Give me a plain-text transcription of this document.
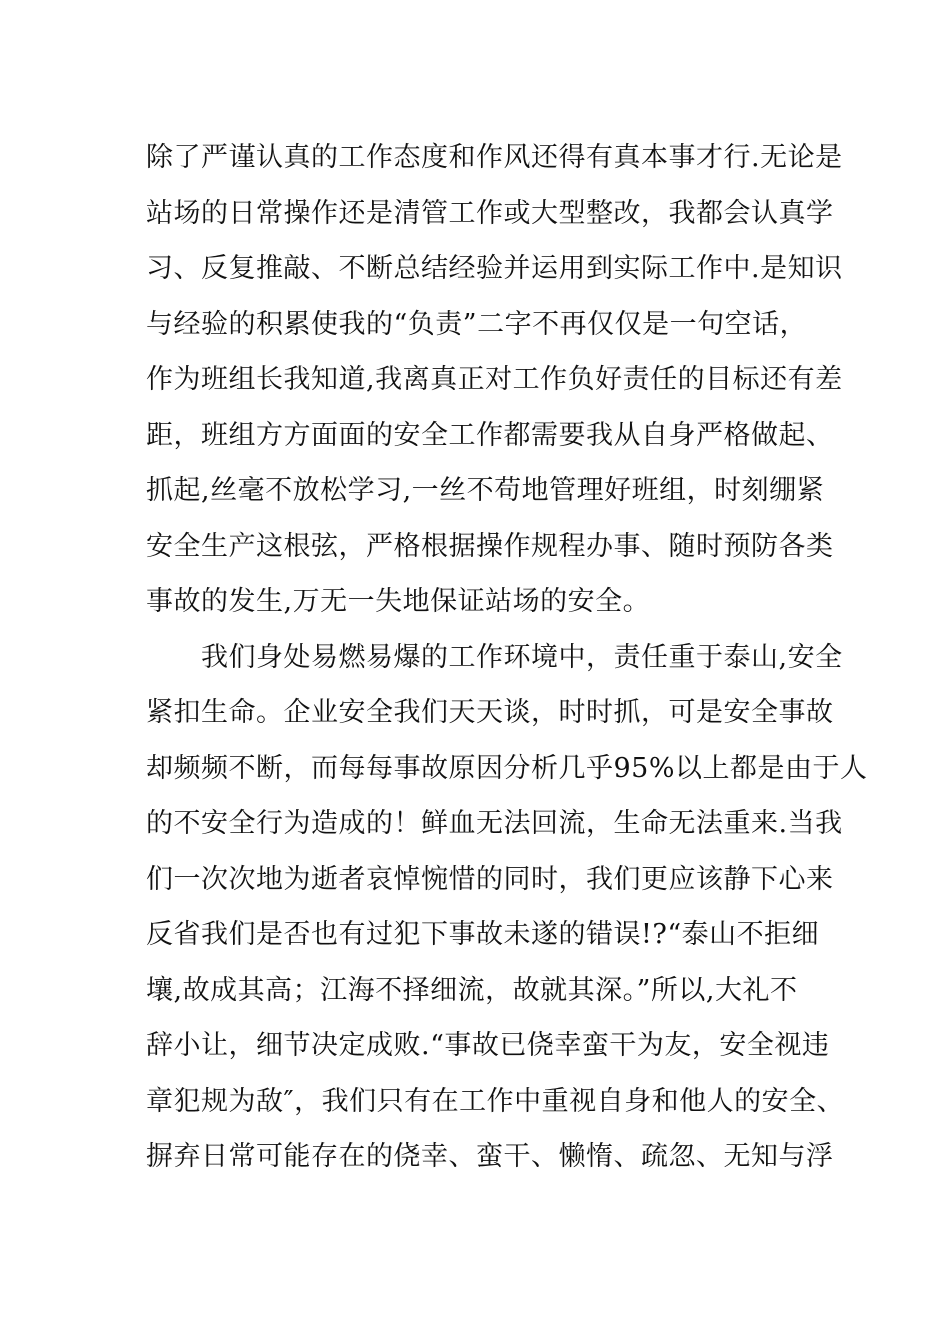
除了严谨认真的工作态度和作风还得有真本事才行.无论是
站场的日常操作还是清管工作或大型整改，我都会认真学
习、反复推敲、不断总结经验并运用到实际工作中.是知识
与经验的积累使我的“负责”二字不再仅仅是一句空话，
作为班组长我知道,我离真正对工作负好责任的目标还有差
距，班组方方面面的安全工作都需要我从自身严格做起、
抓起,丝毫不放松学习,一丝不苟地管理好班组，时刻绷紧
安全生产这根弦，严格根据操作规程办事、随时预防各类
事故的发生,万无一失地保证站场的安全。
　　我们身处易燃易爆的工作环境中，责任重于泰山,安全
紧扣生命。企业安全我们天天谈，时时抓，可是安全事故
却频频不断，而每每事故原因分析几乎95%以上都是由于人
的不安全行为造成的！鲜血无法回流，生命无法重来.当我
们一次次地为逝者哀悼惋惜的同时，我们更应该静下心来
反省我们是否也有过犯下事故未遂的错误!?“泰山不拒细
壤,故成其高；江海不择细流，故就其深。”所以,大礼不
辞小让，细节决定成败.“事故已侥幸蛮干为友，安全视违
章犯规为敌″，我们只有在工作中重视自身和他人的安全、
摒弃日常可能存在的侥幸、蛮干、懒惰、疏忽、无知与浮
